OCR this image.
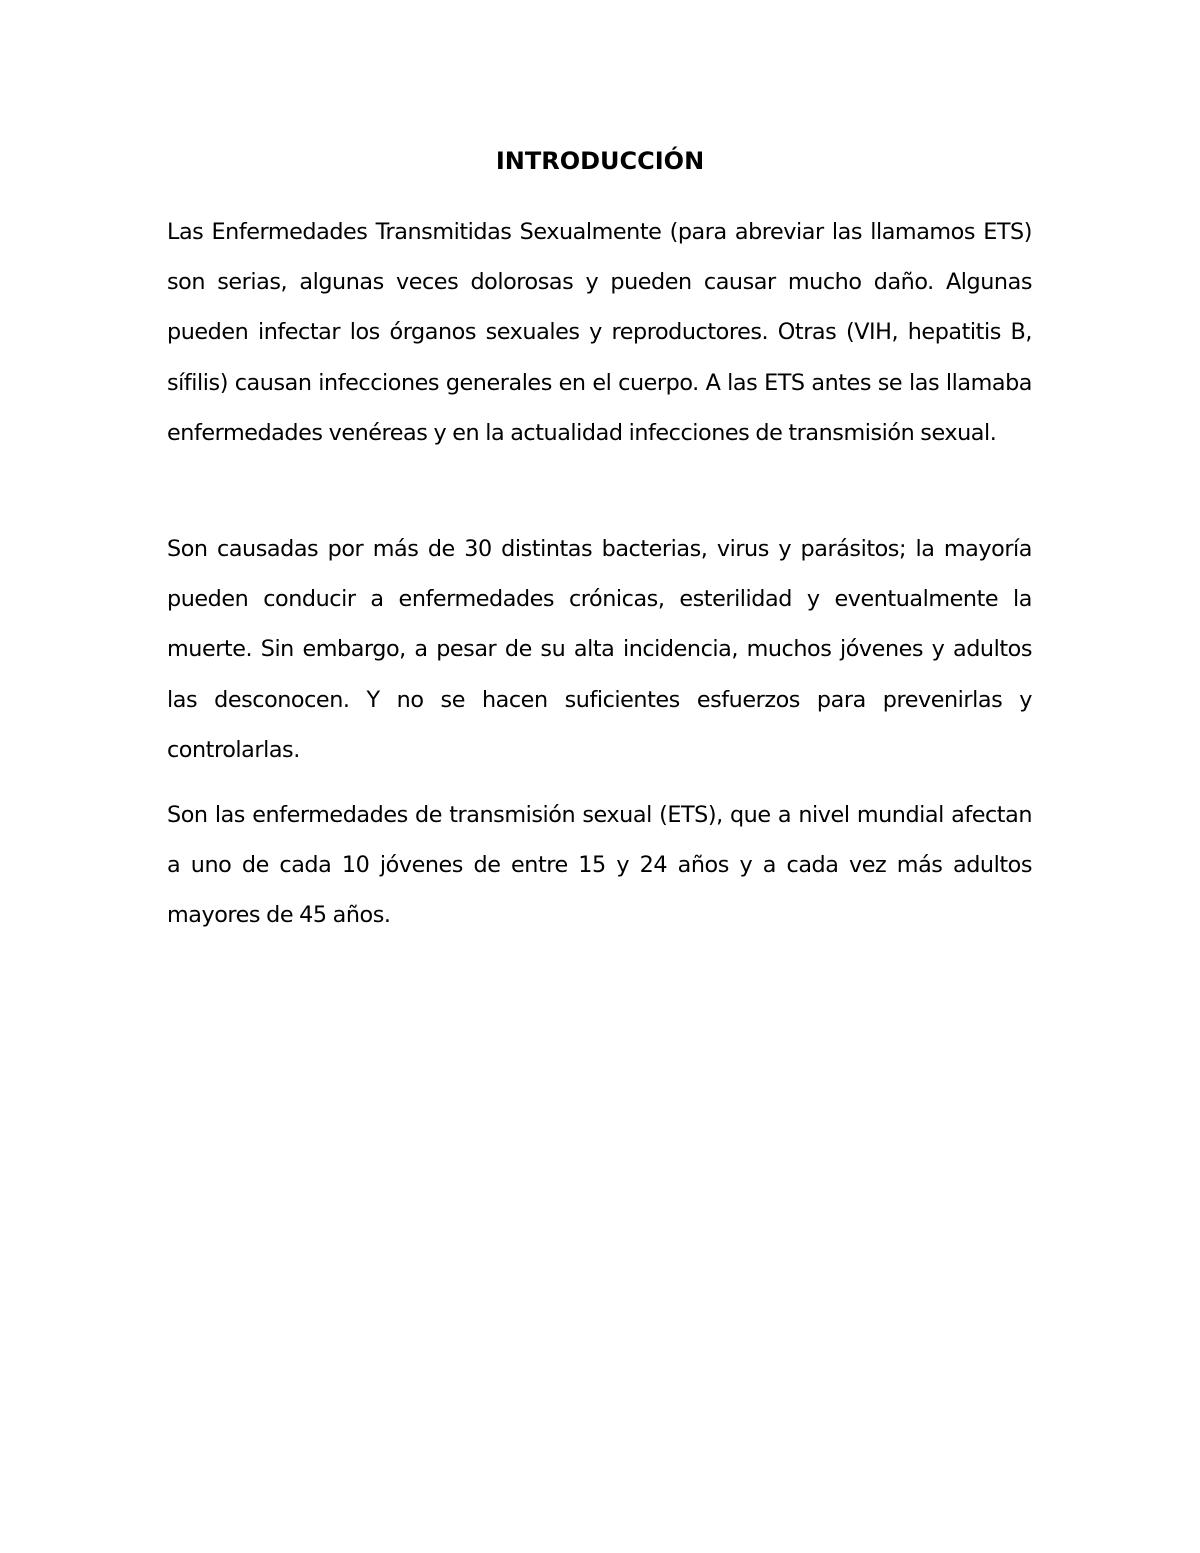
INTRODUCCIÓN

Las Enfermedades Transmitidas Sexualmente (para abreviar las llamamos ETS) son serias, algunas veces dolorosas y pueden causar mucho daño. Algunas pueden infectar los órganos sexuales y reproductores. Otras (VIH, hepatitis B, sífilis) causan infecciones generales en el cuerpo. A las ETS antes se las llamaba enfermedades venéreas y en la actualidad infecciones de transmisión sexual.

Son causadas por más de 30 distintas bacterias, virus y parásitos; la mayoría pueden conducir a enfermedades crónicas, esterilidad y eventualmente la muerte. Sin embargo, a pesar de su alta incidencia, muchos jóvenes y adultos las desconocen. Y no se hacen suficientes esfuerzos para prevenirlas y controlarlas.

Son las enfermedades de transmisión sexual (ETS), que a nivel mundial afectan a uno de cada 10 jóvenes de entre 15 y 24 años y a cada vez más adultos mayores de 45 años.
